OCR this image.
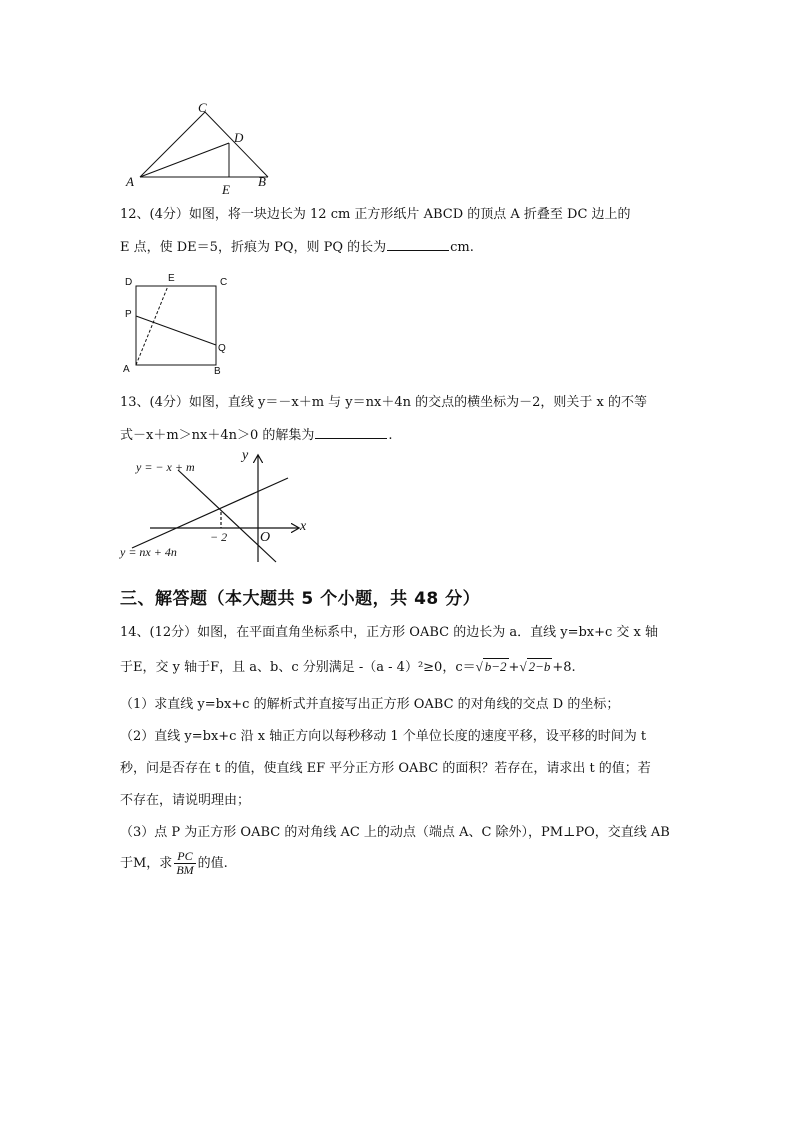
C
D
A
E
B
12、(4分）如图，将一块边长为 12 cm 正方形纸片 ABCD 的顶点 A 折叠至 DC 边上的
E 点，使 DE＝5，折痕为 PQ，则 PQ 的长为	cm.
D	E	C
P
Q
A	B
13、(4分）如图，直线 y＝－x＋m 与 y＝nx＋4n 的交点的横坐标为－2，则关于 x 的不等
式－x＋m＞nx＋4n＞0 的解集为	.
y = − x + m
y
x
− 2 O
y = nx + 4n
三、解答题（本大题共 5 个小题，共 48 分）
14、(12分）如图，在平面直角坐标系中，正方形 OABC 的边长为 a．直线 y=bx+c 交 x 轴
于E，交 y 轴于F，且 a、b、c 分别满足 -（a - 4）²≥0，c＝√ b−2 +√ 2−b +8.
（1）求直线 y=bx+c 的解析式并直接写出正方形 OABC 的对角线的交点 D 的坐标；
（2）直线 y=bx+c 沿 x 轴正方向以每秒移动 1 个单位长度的速度平移，设平移的时间为 t
秒，问是否存在 t 的值，使直线 EF 平分正方形 OABC 的面积？若存在，请求出 t 的值；若
不存在，请说明理由；
（3）点 P 为正方形 OABC 的对角线 AC 上的动点（端点 A、C 除外），PM⊥PO，交直线 AB
于M，求 $\frac{PC}{BM}$ 的值.
